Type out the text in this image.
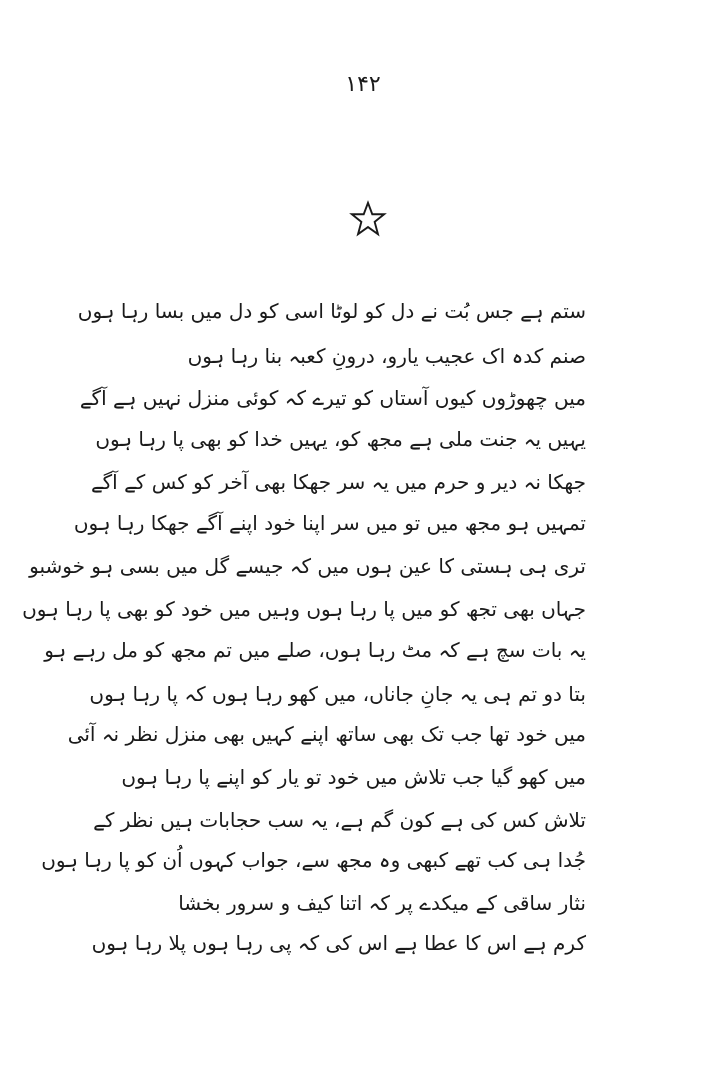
۱۴۲
ستم ہے جس بُت نے دل کو لوٹا اسی کو دل میں بسا رہا ہوں
صنم کدہ اک عجیب یارو، درونِ کعبہ بنا رہا ہوں
میں چھوڑوں کیوں آستاں کو تیرے کہ کوئی منزل نہیں ہے آگے
یہیں یہ جنت ملی ہے مجھ کو، یہیں خدا کو بھی پا رہا ہوں
جھکا نہ دیر و حرم میں یہ سر جھکا بھی آخر کو کس کے آگے
تمہیں ہو مجھ میں تو میں سر اپنا خود اپنے آگے جھکا رہا ہوں
تری ہی ہستی کا عین ہوں میں کہ جیسے گل میں بسی ہو خوشبو
جہاں بھی تجھ کو میں پا رہا ہوں وہیں میں خود کو بھی پا رہا ہوں
یہ بات سچ ہے کہ مٹ رہا ہوں، صلے میں تم مجھ کو مل رہے ہو
بتا دو تم ہی یہ جانِ جاناں، میں کھو رہا ہوں کہ پا رہا ہوں
میں خود تھا جب تک بھی ساتھ اپنے کہیں بھی منزل نظر نہ آئی
میں کھو گیا جب تلاش میں خود تو یار کو اپنے پا رہا ہوں
تلاش کس کی ہے کون گم ہے، یہ سب حجابات ہیں نظر کے
جُدا ہی کب تھے کبھی وہ مجھ سے، جواب کہوں اُن کو پا رہا ہوں
نثار ساقی کے میکدے پر کہ اتنا کیف و سرور بخشا
کرم ہے اس کا عطا ہے اس کی کہ پی رہا ہوں پلا رہا ہوں
